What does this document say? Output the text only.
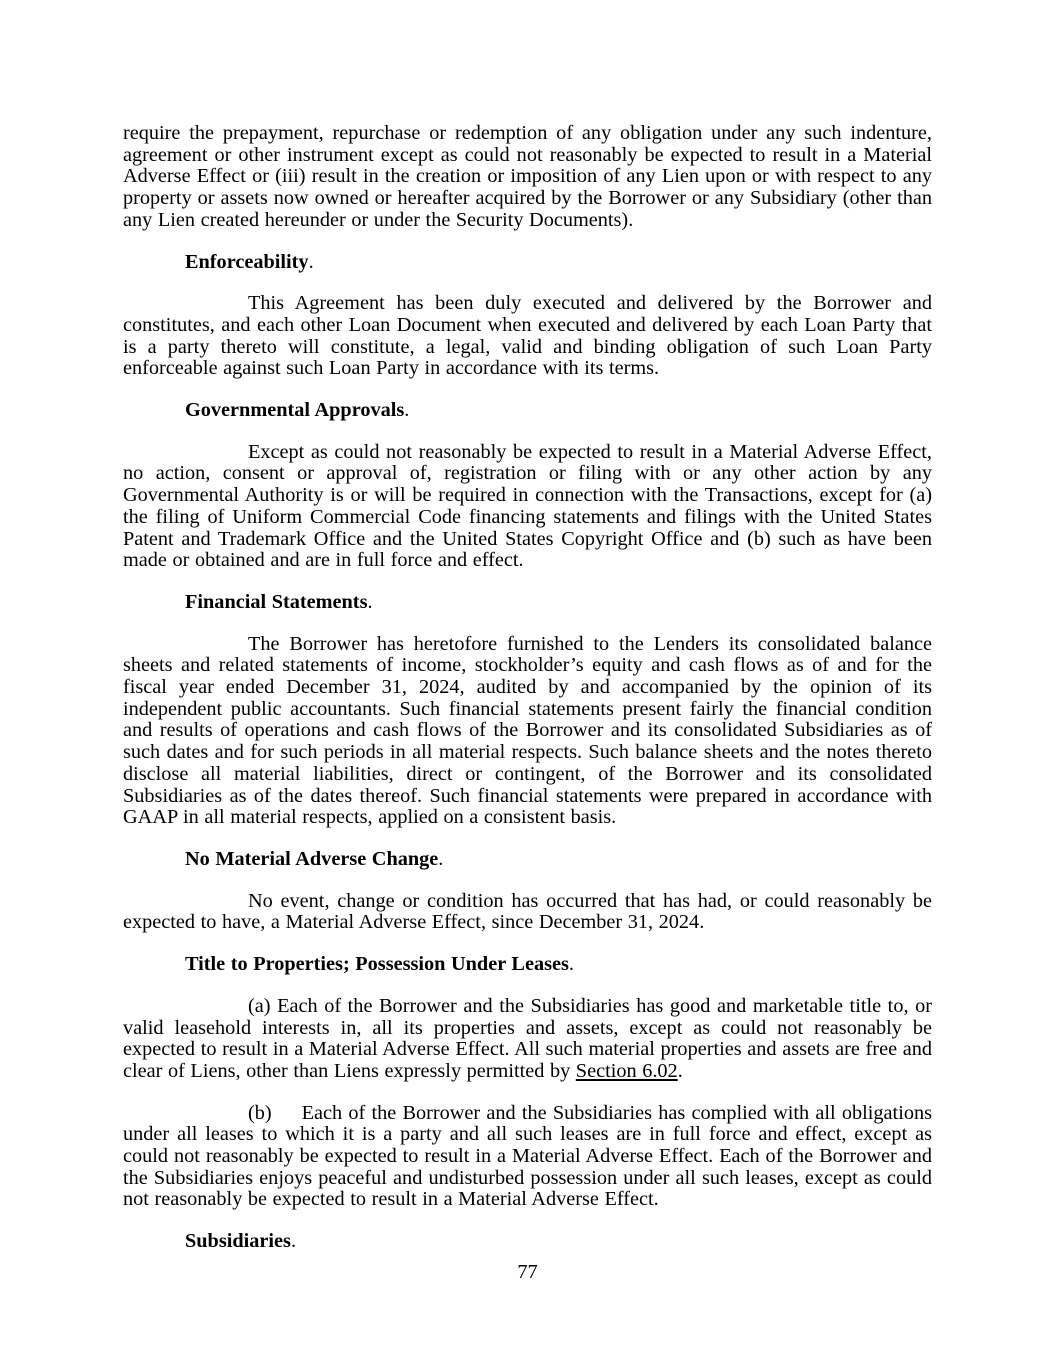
require the prepayment, repurchase or redemption of any obligation under any such indenture, agreement or other instrument except as could not reasonably be expected to result in a Material Adverse Effect or (iii) result in the creation or imposition of any Lien upon or with respect to any property or assets now owned or hereafter acquired by the Borrower or any Subsidiary (other than any Lien created hereunder or under the Security Documents).

Enforceability.

This Agreement has been duly executed and delivered by the Borrower and constitutes, and each other Loan Document when executed and delivered by each Loan Party that is a party thereto will constitute, a legal, valid and binding obligation of such Loan Party enforceable against such Loan Party in accordance with its terms.

Governmental Approvals.

Except as could not reasonably be expected to result in a Material Adverse Effect, no action, consent or approval of, registration or filing with or any other action by any Governmental Authority is or will be required in connection with the Transactions, except for (a) the filing of Uniform Commercial Code financing statements and filings with the United States Patent and Trademark Office and the United States Copyright Office and (b) such as have been made or obtained and are in full force and effect.

Financial Statements.

The Borrower has heretofore furnished to the Lenders its consolidated balance sheets and related statements of income, stockholder’s equity and cash flows as of and for the fiscal year ended December 31, 2024, audited by and accompanied by the opinion of its independent public accountants. Such financial statements present fairly the financial condition and results of operations and cash flows of the Borrower and its consolidated Subsidiaries as of such dates and for such periods in all material respects. Such balance sheets and the notes thereto disclose all material liabilities, direct or contingent, of the Borrower and its consolidated Subsidiaries as of the dates thereof. Such financial statements were prepared in accordance with GAAP in all material respects, applied on a consistent basis.

No Material Adverse Change.

No event, change or condition has occurred that has had, or could reasonably be expected to have, a Material Adverse Effect, since December 31, 2024.

Title to Properties; Possession Under Leases.

(a) Each of the Borrower and the Subsidiaries has good and marketable title to, or valid leasehold interests in, all its properties and assets, except as could not reasonably be expected to result in a Material Adverse Effect. All such material properties and assets are free and clear of Liens, other than Liens expressly permitted by Section 6.02.

(b) Each of the Borrower and the Subsidiaries has complied with all obligations under all leases to which it is a party and all such leases are in full force and effect, except as could not reasonably be expected to result in a Material Adverse Effect. Each of the Borrower and the Subsidiaries enjoys peaceful and undisturbed possession under all such leases, except as could not reasonably be expected to result in a Material Adverse Effect.

Subsidiaries.

77
